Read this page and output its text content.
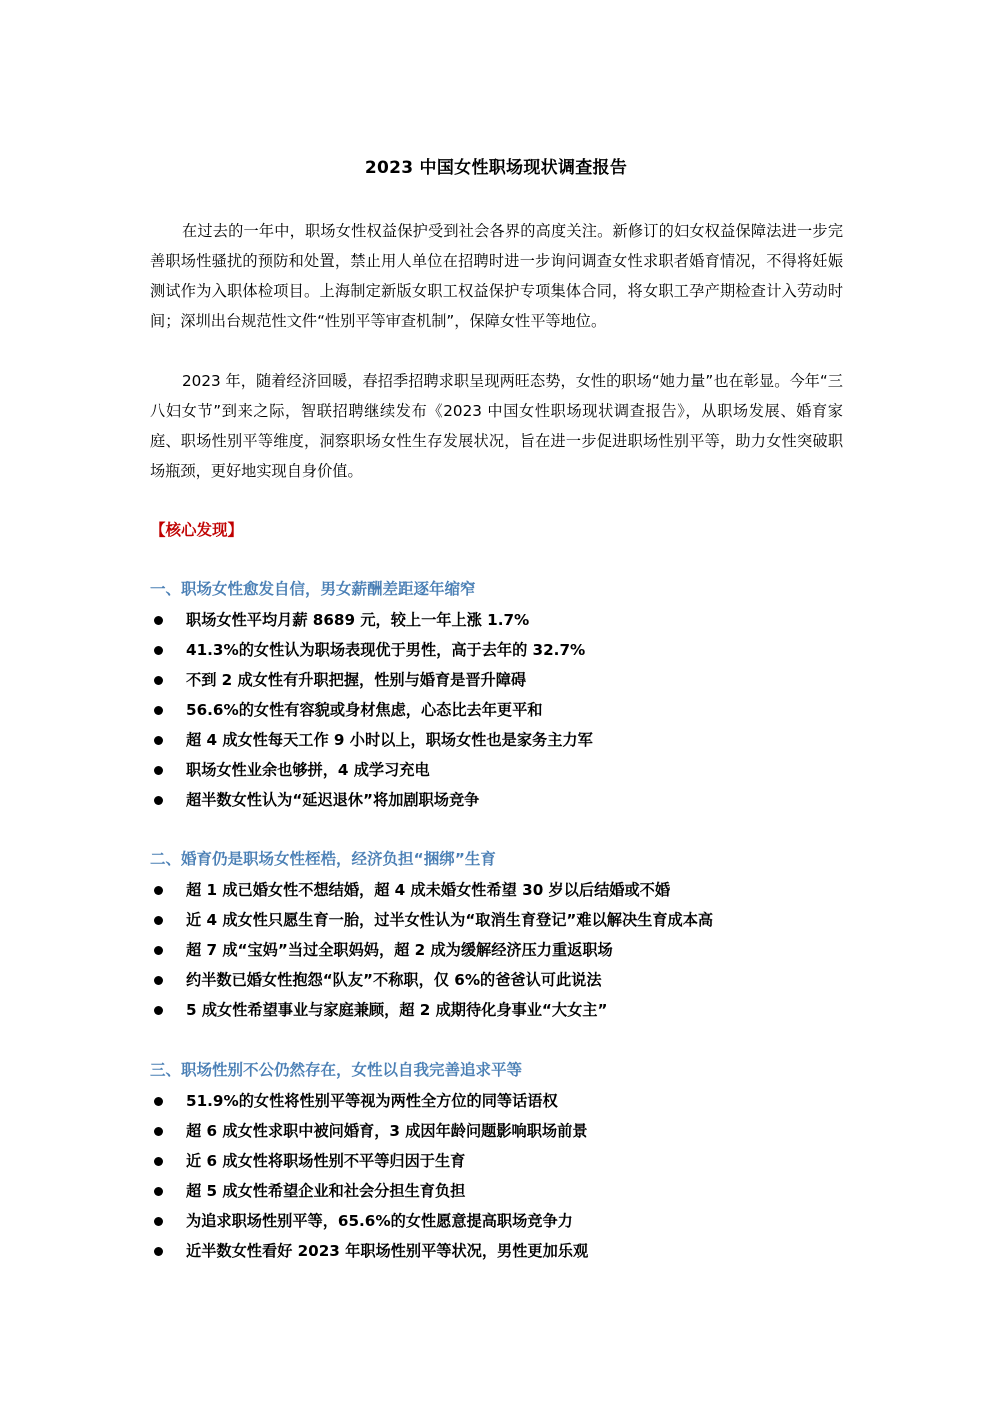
2023 中国女性职场现状调查报告

在过去的一年中，职场女性权益保护受到社会各界的高度关注。新修订的妇女权益保障法进一步完善职场性骚扰的预防和处置，禁止用人单位在招聘时进一步询问调查女性求职者婚育情况，不得将妊娠测试作为入职体检项目。上海制定新版女职工权益保护专项集体合同，将女职工孕产期检查计入劳动时间；深圳出台规范性文件“性别平等审查机制”，保障女性平等地位。

2023 年，随着经济回暖，春招季招聘求职呈现两旺态势，女性的职场“她力量”也在彰显。今年“三八妇女节”到来之际，智联招聘继续发布《2023 中国女性职场现状调查报告》，从职场发展、婚育家庭、职场性别平等维度，洞察职场女性生存发展状况，旨在进一步促进职场性别平等，助力女性突破职场瓶颈，更好地实现自身价值。

【核心发现】
一、职场女性愈发自信，男女薪酬差距逐年缩窄
职场女性平均月薪 8689 元，较上一年上涨 1.7%
41.3%的女性认为职场表现优于男性，高于去年的 32.7%
不到 2 成女性有升职把握，性别与婚育是晋升障碍
56.6%的女性有容貌或身材焦虑，心态比去年更平和
超 4 成女性每天工作 9 小时以上，职场女性也是家务主力军
职场女性业余也够拼，4 成学习充电
超半数女性认为“延迟退休”将加剧职场竞争
二、婚育仍是职场女性桎梏，经济负担“捆绑”生育
超 1 成已婚女性不想结婚，超 4 成未婚女性希望 30 岁以后结婚或不婚
近 4 成女性只愿生育一胎，过半女性认为“取消生育登记”难以解决生育成本高
超 7 成“宝妈”当过全职妈妈，超 2 成为缓解经济压力重返职场
约半数已婚女性抱怨“队友”不称职，仅 6%的爸爸认可此说法
5 成女性希望事业与家庭兼顾，超 2 成期待化身事业“大女主”
三、职场性别不公仍然存在，女性以自我完善追求平等
51.9%的女性将性别平等视为两性全方位的同等话语权
超 6 成女性求职中被问婚育，3 成因年龄问题影响职场前景
近 6 成女性将职场性别不平等归因于生育
超 5 成女性希望企业和社会分担生育负担
为追求职场性别平等，65.6%的女性愿意提高职场竞争力
近半数女性看好 2023 年职场性别平等状况，男性更加乐观
